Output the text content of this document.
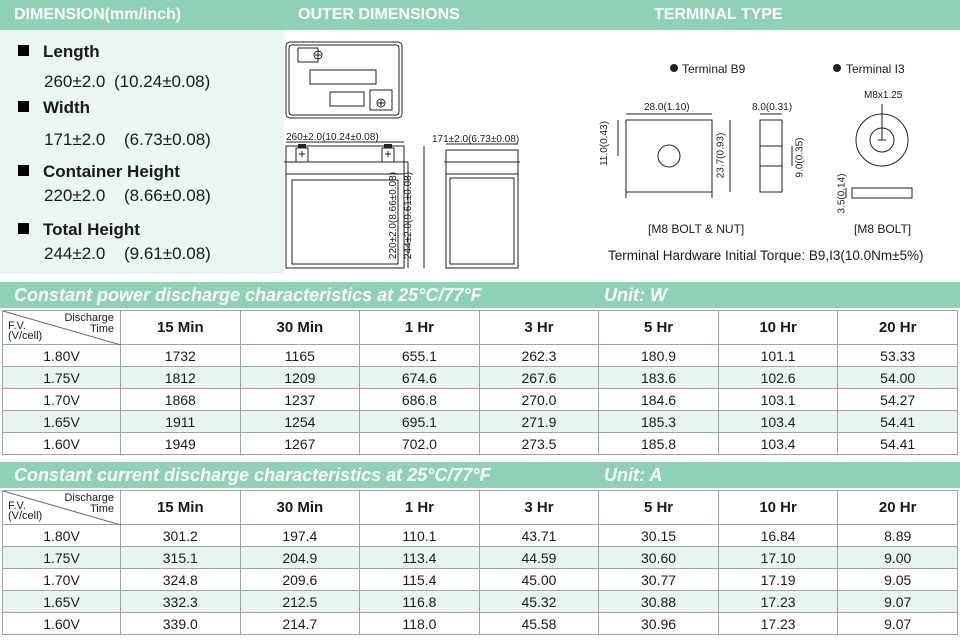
DIMENSION(mm/inch)	OUTER DIMENSIONS	TERMINAL TYPE
Length
260±2.0 (10.24±0.08)
Width
171±2.0 (6.73±0.08)
Container Height
220±2.0 (8.66±0.08)
Total Height
244±2.0 (9.61±0.08)
260±2.0(10.24±0.08)	171±2.0(6.73±0.08)
220±2.0(8.66±0.08) 244±2.0(9.61±0.08)
Terminal B9	Terminal I3
28.0(1.10)
11.0(0.43)
8.0(0.31)
23.7(0.93)	9.0(0.35)
M8x1.25
3.5(0.14)
[M8 BOLT & NUT]	[M8 BOLT]
Terminal Hardware Initial Torque: B9,I3(10.0Nm±5%)
Constant power discharge characteristics at 25°C/77°F	Unit: W
Discharge
Time
F.V.
(V/cell)	15 Min	30 Min	1 Hr	3 Hr	5 Hr	10 Hr	20 Hr
1.80V	1732	1165	655.1	262.3	180.9	101.1	53.33
1.75V	1812	1209	674.6	267.6	183.6	102.6	54.00
1.70V	1868	1237	686.8	270.0	184.6	103.1	54.27
1.65V	1911	1254	695.1	271.9	185.3	103.4	54.41
1.60V	1949	1267	702.0	273.5	185.8	103.4	54.41
Constant current discharge characteristics at 25°C/77°F	Unit: A
Discharge
Time
F.V.
(V/cell)	15 Min	30 Min	1 Hr	3 Hr	5 Hr	10 Hr	20 Hr
1.80V	301.2	197.4	110.1	43.71	30.15	16.84	8.89
1.75V	315.1	204.9	113.4	44.59	30.60	17.10	9.00
1.70V	324.8	209.6	115.4	45.00	30.77	17.19	9.05
1.65V	332.3	212.5	116.8	45.32	30.88	17.23	9.07
1.60V	339.0	214.7	118.0	45.58	30.96	17.23	9.07
